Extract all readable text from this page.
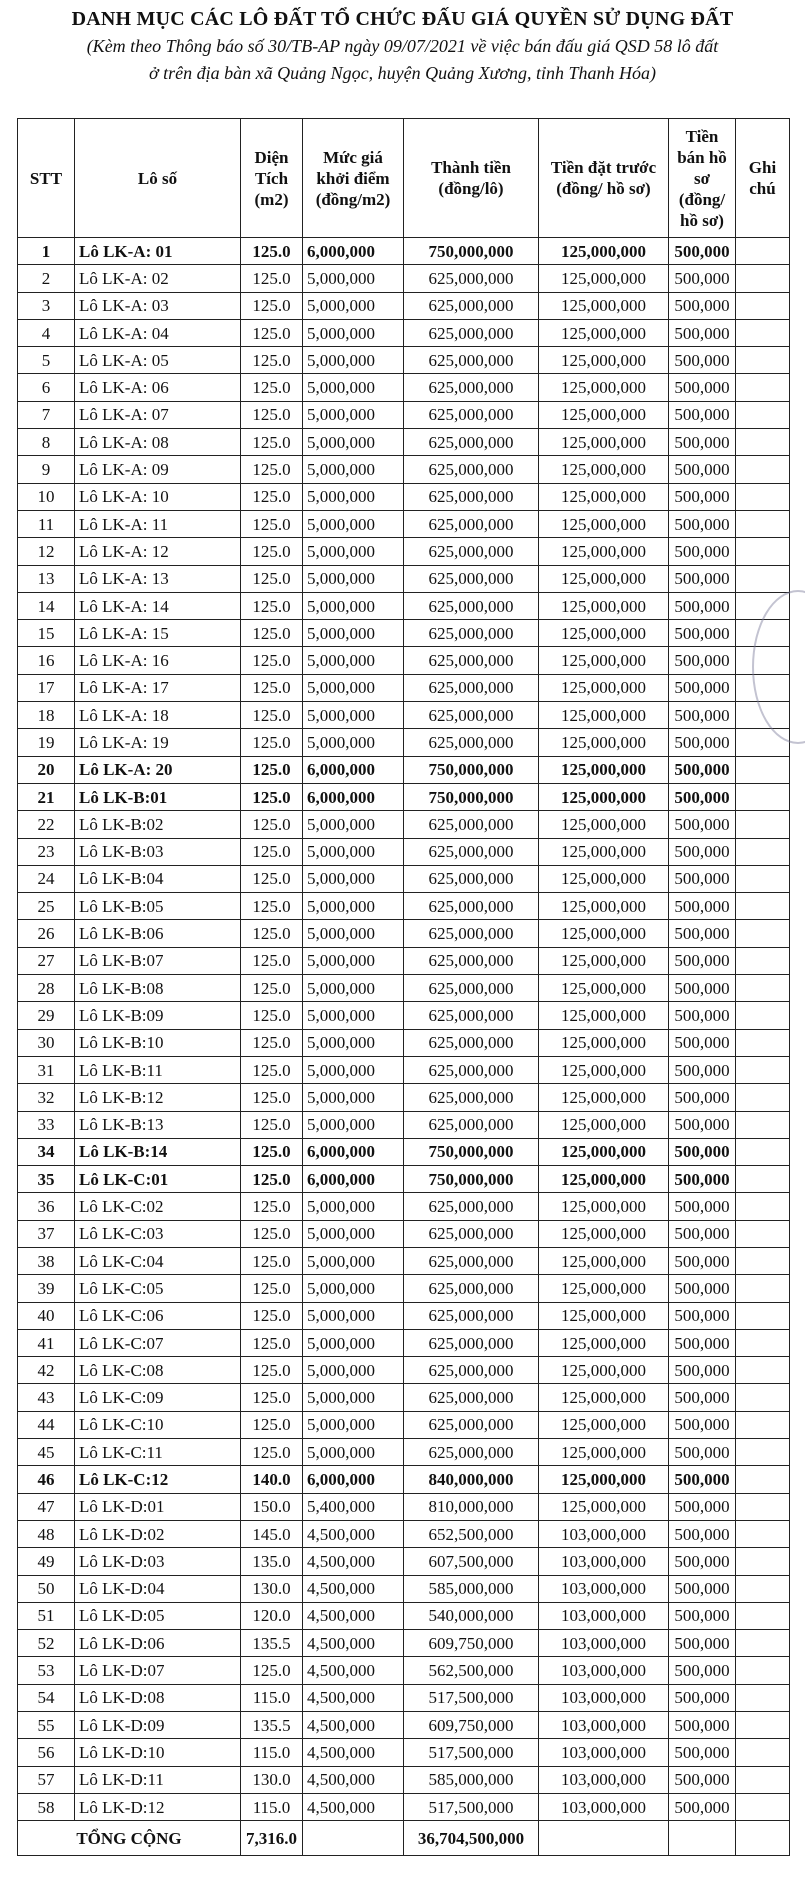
DANH MỤC CÁC LÔ ĐẤT TỔ CHỨC ĐẤU GIÁ QUYỀN SỬ DỤNG ĐẤT
(Kèm theo Thông báo số 30/TB-AP ngày 09/07/2021 về việc bán đấu giá QSD 58 lô đất
ở trên địa bàn xã Quảng Ngọc, huyện Quảng Xương, tỉnh Thanh Hóa)
STT	Lô số	Diện Tích (m2)	Mức giá khởi điểm (đồng/m2)	Thành tiền (đồng/lô)	Tiền đặt trước (đồng/ hồ sơ)	Tiền bán hồ sơ (đồng/ hồ sơ)	Ghi chú
1	Lô LK-A: 01	125.0	6,000,000	750,000,000	125,000,000	500,000	
2	Lô LK-A: 02	125.0	5,000,000	625,000,000	125,000,000	500,000	
3	Lô LK-A: 03	125.0	5,000,000	625,000,000	125,000,000	500,000	
4	Lô LK-A: 04	125.0	5,000,000	625,000,000	125,000,000	500,000	
5	Lô LK-A: 05	125.0	5,000,000	625,000,000	125,000,000	500,000	
6	Lô LK-A: 06	125.0	5,000,000	625,000,000	125,000,000	500,000	
7	Lô LK-A: 07	125.0	5,000,000	625,000,000	125,000,000	500,000	
8	Lô LK-A: 08	125.0	5,000,000	625,000,000	125,000,000	500,000	
9	Lô LK-A: 09	125.0	5,000,000	625,000,000	125,000,000	500,000	
10	Lô LK-A: 10	125.0	5,000,000	625,000,000	125,000,000	500,000	
11	Lô LK-A: 11	125.0	5,000,000	625,000,000	125,000,000	500,000	
12	Lô LK-A: 12	125.0	5,000,000	625,000,000	125,000,000	500,000	
13	Lô LK-A: 13	125.0	5,000,000	625,000,000	125,000,000	500,000	
14	Lô LK-A: 14	125.0	5,000,000	625,000,000	125,000,000	500,000	
15	Lô LK-A: 15	125.0	5,000,000	625,000,000	125,000,000	500,000	
16	Lô LK-A: 16	125.0	5,000,000	625,000,000	125,000,000	500,000	
17	Lô LK-A: 17	125.0	5,000,000	625,000,000	125,000,000	500,000	
18	Lô LK-A: 18	125.0	5,000,000	625,000,000	125,000,000	500,000	
19	Lô LK-A: 19	125.0	5,000,000	625,000,000	125,000,000	500,000	
20	Lô LK-A: 20	125.0	6,000,000	750,000,000	125,000,000	500,000	
21	Lô LK-B:01	125.0	6,000,000	750,000,000	125,000,000	500,000	
22	Lô LK-B:02	125.0	5,000,000	625,000,000	125,000,000	500,000	
23	Lô LK-B:03	125.0	5,000,000	625,000,000	125,000,000	500,000	
24	Lô LK-B:04	125.0	5,000,000	625,000,000	125,000,000	500,000	
25	Lô LK-B:05	125.0	5,000,000	625,000,000	125,000,000	500,000	
26	Lô LK-B:06	125.0	5,000,000	625,000,000	125,000,000	500,000	
27	Lô LK-B:07	125.0	5,000,000	625,000,000	125,000,000	500,000	
28	Lô LK-B:08	125.0	5,000,000	625,000,000	125,000,000	500,000	
29	Lô LK-B:09	125.0	5,000,000	625,000,000	125,000,000	500,000	
30	Lô LK-B:10	125.0	5,000,000	625,000,000	125,000,000	500,000	
31	Lô LK-B:11	125.0	5,000,000	625,000,000	125,000,000	500,000	
32	Lô LK-B:12	125.0	5,000,000	625,000,000	125,000,000	500,000	
33	Lô LK-B:13	125.0	5,000,000	625,000,000	125,000,000	500,000	
34	Lô LK-B:14	125.0	6,000,000	750,000,000	125,000,000	500,000	
35	Lô LK-C:01	125.0	6,000,000	750,000,000	125,000,000	500,000	
36	Lô LK-C:02	125.0	5,000,000	625,000,000	125,000,000	500,000	
37	Lô LK-C:03	125.0	5,000,000	625,000,000	125,000,000	500,000	
38	Lô LK-C:04	125.0	5,000,000	625,000,000	125,000,000	500,000	
39	Lô LK-C:05	125.0	5,000,000	625,000,000	125,000,000	500,000	
40	Lô LK-C:06	125.0	5,000,000	625,000,000	125,000,000	500,000	
41	Lô LK-C:07	125.0	5,000,000	625,000,000	125,000,000	500,000	
42	Lô LK-C:08	125.0	5,000,000	625,000,000	125,000,000	500,000	
43	Lô LK-C:09	125.0	5,000,000	625,000,000	125,000,000	500,000	
44	Lô LK-C:10	125.0	5,000,000	625,000,000	125,000,000	500,000	
45	Lô LK-C:11	125.0	5,000,000	625,000,000	125,000,000	500,000	
46	Lô LK-C:12	140.0	6,000,000	840,000,000	125,000,000	500,000	
47	Lô LK-D:01	150.0	5,400,000	810,000,000	125,000,000	500,000	
48	Lô LK-D:02	145.0	4,500,000	652,500,000	103,000,000	500,000	
49	Lô LK-D:03	135.0	4,500,000	607,500,000	103,000,000	500,000	
50	Lô LK-D:04	130.0	4,500,000	585,000,000	103,000,000	500,000	
51	Lô LK-D:05	120.0	4,500,000	540,000,000	103,000,000	500,000	
52	Lô LK-D:06	135.5	4,500,000	609,750,000	103,000,000	500,000	
53	Lô LK-D:07	125.0	4,500,000	562,500,000	103,000,000	500,000	
54	Lô LK-D:08	115.0	4,500,000	517,500,000	103,000,000	500,000	
55	Lô LK-D:09	135.5	4,500,000	609,750,000	103,000,000	500,000	
56	Lô LK-D:10	115.0	4,500,000	517,500,000	103,000,000	500,000	
57	Lô LK-D:11	130.0	4,500,000	585,000,000	103,000,000	500,000	
58	Lô LK-D:12	115.0	4,500,000	517,500,000	103,000,000	500,000	
TỔNG CỘNG		7,316.0		36,704,500,000			
